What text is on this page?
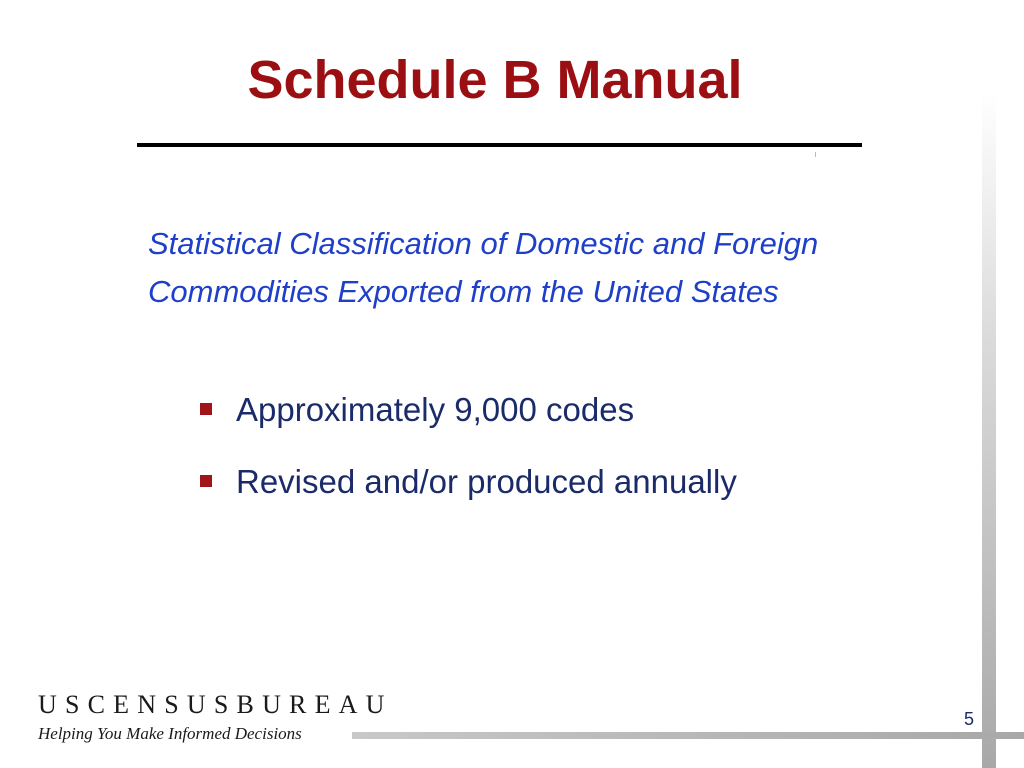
Schedule B Manual

Statistical Classification of Domestic and Foreign Commodities Exported from the United States

Approximately 9,000 codes
Revised and/or produced annually
USCENSUSBUREAU
Helping You Make Informed Decisions
5
